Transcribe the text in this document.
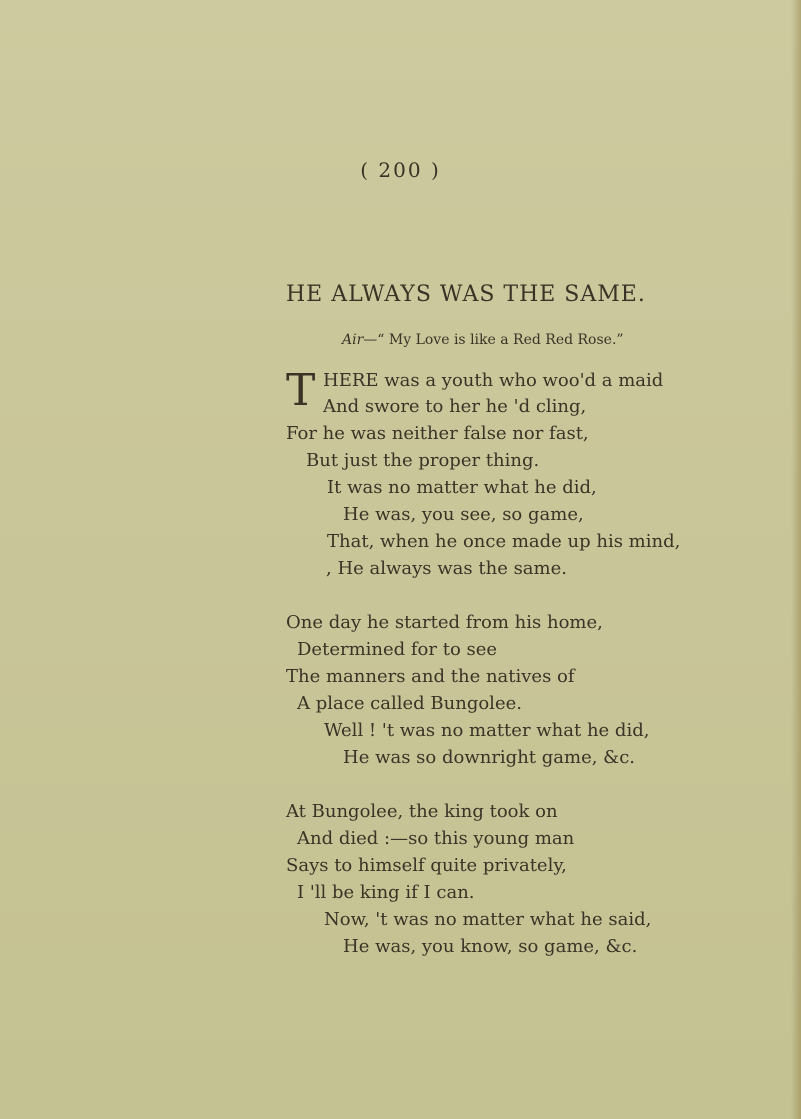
( 200 )
HE ALWAYS WAS THE SAME.
Air—“ My Love is like a Red Red Rose.”
T HERE was a youth who woo'd a maid
And swore to her he 'd cling,
For he was neither false nor fast,
But just the proper thing.
It was no matter what he did,
He was, you see, so game,
That, when he once made up his mind,
, He always was the same.
One day he started from his home,
Determined for to see
The manners and the natives of
A place called Bungolee.
Well ! 't was no matter what he did,
He was so downright game, &c.
At Bungolee, the king took on
And died :—so this young man
Says to himself quite privately,
I 'll be king if I can.
Now, 't was no matter what he said,
He was, you know, so game, &c.
